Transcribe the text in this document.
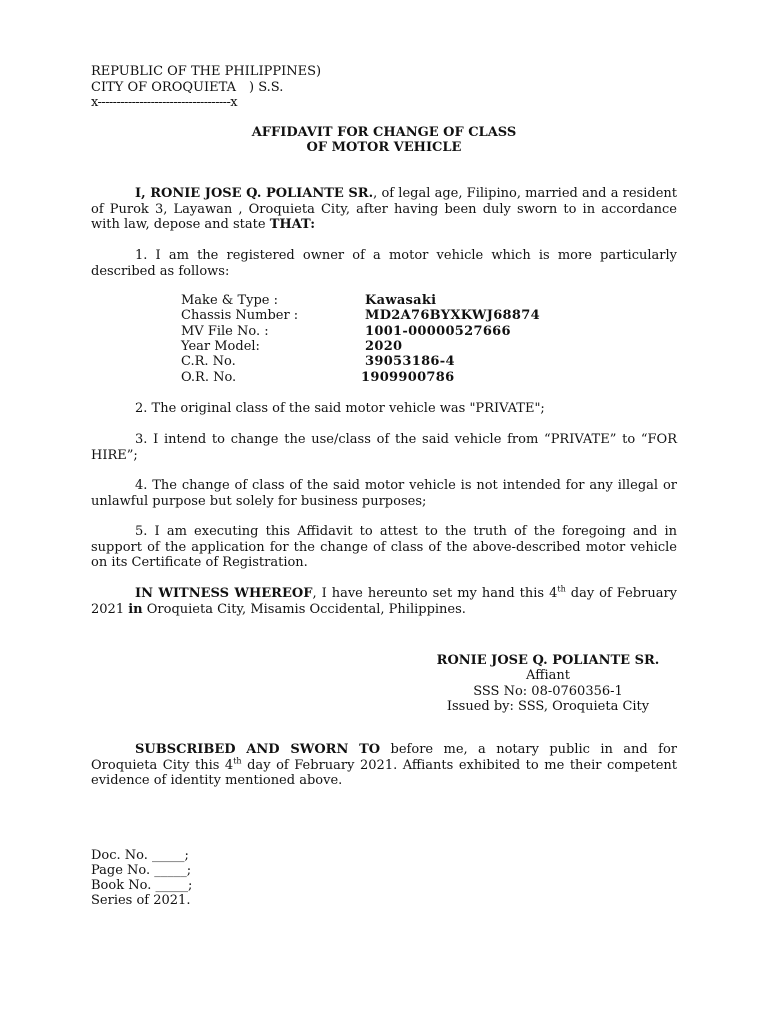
REPUBLIC OF THE PHILIPPINES)
CITY OF OROQUIETA ) S.S.
x-----------------------------------x
AFFIDAVIT FOR CHANGE OF CLASS
OF MOTOR VEHICLE
I, RONIE JOSE Q. POLIANTE SR., of legal age, Filipino, married and a resident of Purok 3, Layawan , Oroquieta City, after having been duly sworn to in accordance with law, depose and state THAT:
1. I am the registered owner of a motor vehicle which is more particularly described as follows:
Make & Type :	Kawasaki
Chassis Number :	MD2A76BYXKWJ68874
MV File No. :	1001-00000527666
Year Model:	2020
C.R. No.	39053186-4
O.R. No.	1909900786
2. The original class of the said motor vehicle was "PRIVATE";
3. I intend to change the use/class of the said vehicle from “PRIVATE” to “FOR HIRE”;
4. The change of class of the said motor vehicle is not intended for any illegal or unlawful purpose but solely for business purposes;
5. I am executing this Affidavit to attest to the truth of the foregoing and in support of the application for the change of class of the above-described motor vehicle on its Certificate of Registration.
IN WITNESS WHEREOF, I have hereunto set my hand this 4th day of February 2021 in Oroquieta City, Misamis Occidental, Philippines.
RONIE JOSE Q. POLIANTE SR.
Affiant
SSS No: 08-0760356-1
Issued by: SSS, Oroquieta City
SUBSCRIBED AND SWORN TO before me, a notary public in and for Oroquieta City this 4th day of February 2021. Affiants exhibited to me their competent evidence of identity mentioned above.
Doc. No. _____;
Page No. _____;
Book No. _____;
Series of 2021.
